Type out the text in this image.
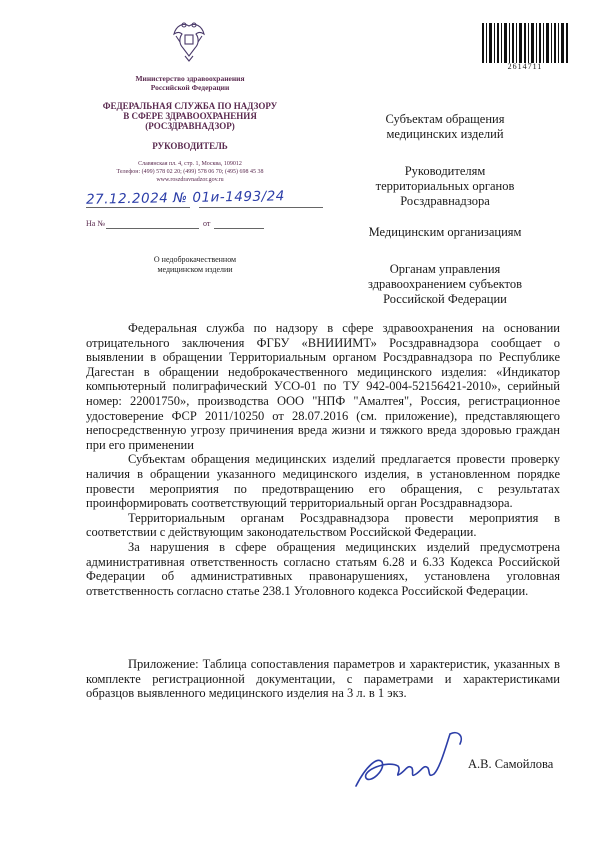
Министерство здравоохранения
Российской Федерации
ФЕДЕРАЛЬНАЯ СЛУЖБА ПО НАДЗОРУ
В СФЕРЕ ЗДРАВООХРАНЕНИЯ
(РОСЗДРАВНАДЗОР)
РУКОВОДИТЕЛЬ
Славянская пл. 4, стр. 1, Москва, 109012
Телефон: (499) 578 02 20; (499) 578 06 70; (495) 698 45 38
www.roszdravnadzor.gov.ru
27.12.2024 № 01и-1493/24
На №	от
О недоброкачественном
медицинском изделии
2614711
Субъектам обращения
медицинских изделий
Руководителям
территориальных органов
Росздравнадзора
Медицинским организациям
Органам управления
здравоохранением субъектов
Российской Федерации

Федеральная служба по надзору в сфере здравоохранения на основании отрицательного заключения ФГБУ «ВНИИИМТ» Росздравнадзора сообщает о выявлении в обращении Территориальным органом Росздравнадзора по Республике Дагестан в обращении недоброкачественного медицинского изделия: «Индикатор компьютерный полиграфический УСО-01 по ТУ 942-004-52156421-2010», серийный номер: 22001750», производства ООО "НПФ "Амалтея", Россия, регистрационное удостоверение ФСР 2011/10250 от 28.07.2016 (см. приложение), представляющего непосредственную угрозу причинения вреда жизни и тяжкого вреда здоровью граждан при его применении

Субъектам обращения медицинских изделий предлагается провести проверку наличия в обращении указанного медицинского изделия, в установленном порядке провести мероприятия по предотвращению его обращения, с результатах проинформировать соответствующий территориальный орган Росздравнадзора.

Территориальным органам Росздравнадзора провести мероприятия в соответствии с действующим законодательством Российской Федерации.

За нарушения в сфере обращения медицинских изделий предусмотрена административная ответственность согласно статьям 6.28 и 6.33 Кодекса Российской Федерации об административных правонарушениях, установлена уголовная ответственность согласно статье 238.1 Уголовного кодекса Российской Федерации.

Приложение: Таблица сопоставления параметров и характеристик, указанных в комплекте регистрационной документации, с параметрами и характеристиками образцов выявленного медицинского изделия на 3 л. в 1 экз.

А.В. Самойлова
